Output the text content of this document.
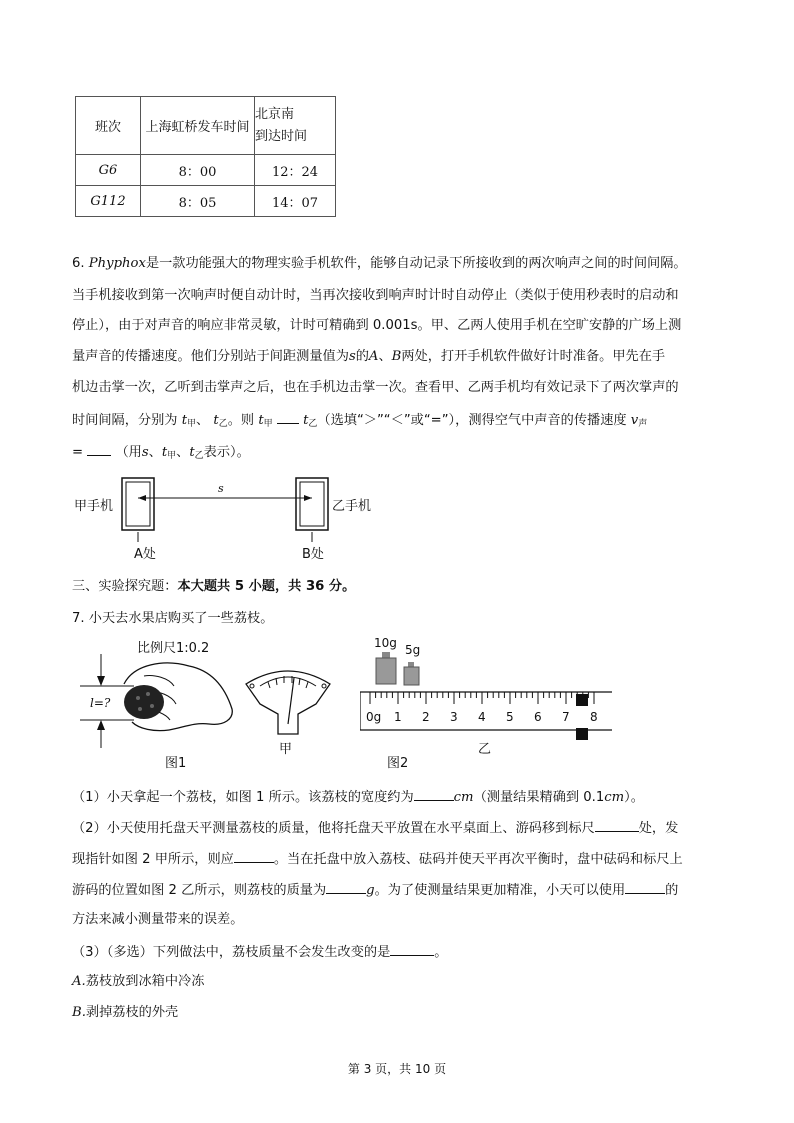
班次	上海虹桥发车时间	北京南
到达时间
G6	8：00	12：24
G112	8：05	14：07
6. Phyphox是一款功能强大的物理实验手机软件，能够自动记录下所接收到的两次响声之间的时间间隔。
当手机接收到第一次响声时便自动计时，当再次接收到响声时计时自动停止（类似于使用秒表时的启动和
停止），由于对声音的响应非常灵敏，计时可精确到 0.001s。甲、乙两人使用手机在空旷安静的广场上测
量声音的传播速度。他们分别站于间距测量值为s的A、B两处，打开手机软件做好计时准备。甲先在手
机边击掌一次，乙听到击掌声之后，也在手机边击掌一次。查看甲、乙两手机均有效记录下了两次掌声的
时间间隔，分别为 $t_甲$、 $t_乙$。则 $t_甲$ $t_乙$（选填“＞”“＜”或“=”），测得空气中声音的传播速度 $v_声$
= （用s、$t_甲$、$t_乙$表示）。
甲手机	乙手机
s
A处	B处
三、实验探究题：本大题共 5 小题，共 36 分。
7. 小天去水果店购买了一些荔枝。
比例尺1:0.2
l=?
图1
甲
10g 5g
0g 1 2 3 4 5 6 7 8
图2
乙
（1）小天拿起一个荔枝，如图 1 所示。该荔枝的宽度约为	cm（测量结果精确到 0.1cm）。
（2）小天使用托盘天平测量荔枝的质量，他将托盘天平放置在水平桌面上、游码移到标尺	处，发
现指针如图 2 甲所示，则应	。当在托盘中放入荔枝、砝码并使天平再次平衡时，盘中砝码和标尺上
游码的位置如图 2 乙所示，则荔枝的质量为	g。为了使测量结果更加精准，小天可以使用	的
方法来减小测量带来的误差。
（3）（多选）下列做法中，荔枝质量不会发生改变的是	。
A.荔枝放到冰箱中冷冻
B.剥掉荔枝的外壳
第 3 页，共 10 页
